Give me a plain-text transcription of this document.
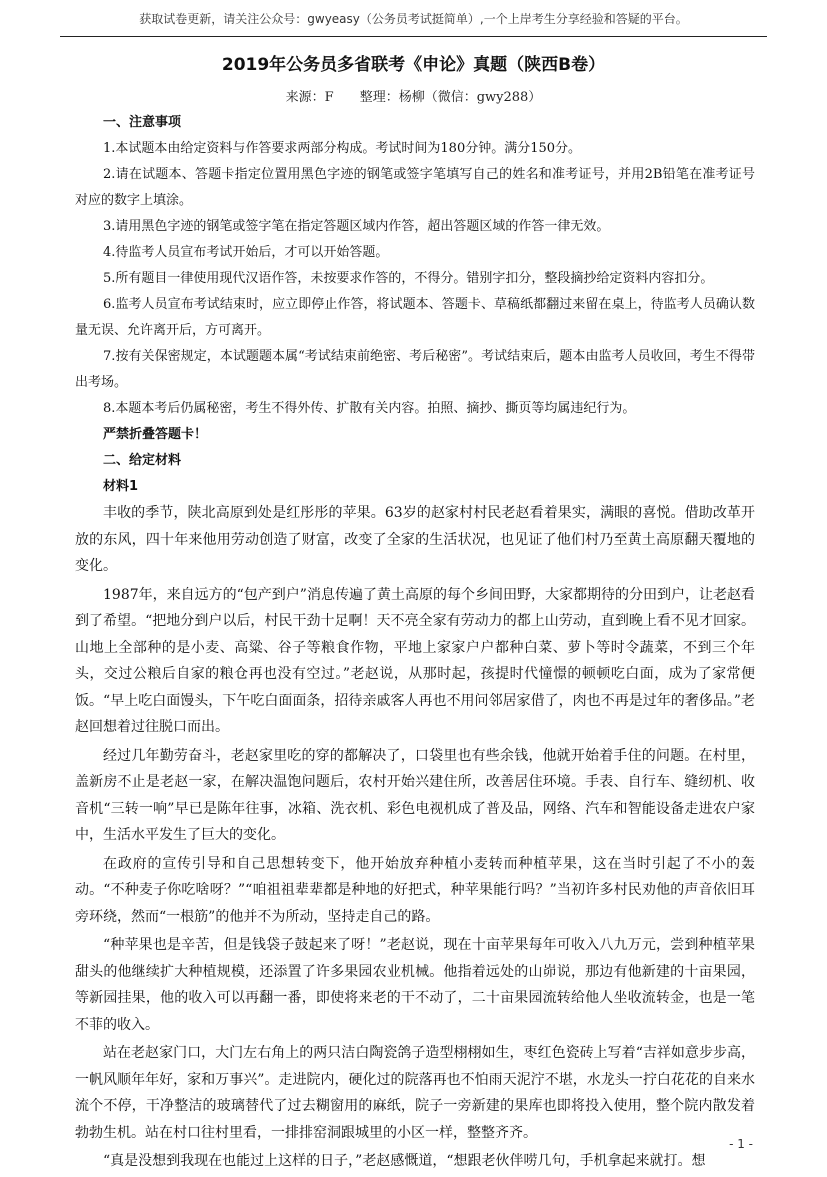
获取试卷更新，请关注公众号：gwyeasy（公务员考试挺简单）,一个上岸考生分享经验和答疑的平台。
2019年公务员多省联考《申论》真题（陕西B卷）
来源：F　　整理：杨柳（微信：gwy288）

一、注意事项

1.本试题本由给定资料与作答要求两部分构成。考试时间为180分钟。满分150分。

2.请在试题本、答题卡指定位置用黑色字迹的钢笔或签字笔填写自己的姓名和准考证号，并用2B铅笔在准考证号对应的数字上填涂。

3.请用黑色字迹的钢笔或签字笔在指定答题区域内作答，超出答题区域的作答一律无效。

4.待监考人员宣布考试开始后，才可以开始答题。

5.所有题目一律使用现代汉语作答，未按要求作答的，不得分。错别字扣分，整段摘抄给定资料内容扣分。

6.监考人员宣布考试结束时，应立即停止作答，将试题本、答题卡、草稿纸都翻过来留在桌上，待监考人员确认数量无误、允许离开后，方可离开。

7.按有关保密规定，本试题题本属“考试结束前绝密、考后秘密”。考试结束后，题本由监考人员收回，考生不得带出考场。

8.本题本考后仍属秘密，考生不得外传、扩散有关内容。拍照、摘抄、撕页等均属违纪行为。

严禁折叠答题卡！

二、给定材料

材料1

丰收的季节，陕北高原到处是红彤彤的苹果。63岁的赵家村村民老赵看着果实，满眼的喜悦。借助改革开放的东风，四十年来他用劳动创造了财富，改变了全家的生活状况，也见证了他们村乃至黄土高原翻天覆地的变化。

1987年，来自远方的“包产到户”消息传遍了黄土高原的每个乡间田野，大家都期待的分田到户，让老赵看到了希望。“把地分到户以后，村民干劲十足啊！天不亮全家有劳动力的都上山劳动，直到晚上看不见才回家。山地上全部种的是小麦、高粱、谷子等粮食作物，平地上家家户户都种白菜、萝卜等时令蔬菜，不到三个年头，交过公粮后自家的粮仓再也没有空过。”老赵说，从那时起，孩提时代憧憬的顿顿吃白面，成为了家常便饭。“早上吃白面馒头，下午吃白面面条，招待亲戚客人再也不用问邻居家借了，肉也不再是过年的奢侈品。”老赵回想着过往脱口而出。

经过几年勤劳奋斗，老赵家里吃的穿的都解决了，口袋里也有些余钱，他就开始着手住的问题。在村里，盖新房不止是老赵一家，在解决温饱问题后，农村开始兴建住所，改善居住环境。手表、自行车、缝纫机、收音机“三转一响”早已是陈年往事，冰箱、洗衣机、彩色电视机成了普及品，网络、汽车和智能设备走进农户家中，生活水平发生了巨大的变化。

在政府的宣传引导和自己思想转变下，他开始放弃种植小麦转而种植苹果，这在当时引起了不小的轰动。“不种麦子你吃啥呀？”“咱祖祖辈辈都是种地的好把式，种苹果能行吗？”当初许多村民劝他的声音依旧耳旁环绕，然而“一根筋”的他并不为所动，坚持走自己的路。

“种苹果也是辛苦，但是钱袋子鼓起来了呀！”老赵说，现在十亩苹果每年可收入八九万元，尝到种植苹果甜头的他继续扩大种植规模，还添置了许多果园农业机械。他指着远处的山峁说，那边有他新建的十亩果园，等新园挂果，他的收入可以再翻一番，即使将来老的干不动了，二十亩果园流转给他人坐收流转金，也是一笔不菲的收入。

站在老赵家门口，大门左右角上的两只洁白陶瓷鸽子造型栩栩如生，枣红色瓷砖上写着“吉祥如意步步高，一帆风顺年年好，家和万事兴”。走进院内，硬化过的院落再也不怕雨天泥泞不堪，水龙头一拧白花花的自来水流个不停，干净整洁的玻璃替代了过去糊窗用的麻纸，院子一旁新建的果库也即将投入使用，整个院内散发着勃勃生机。站在村口往村里看，一排排窑洞跟城里的小区一样，整整齐齐。

“真是没想到我现在也能过上这样的日子，”老赵感慨道，“想跟老伙伴唠几句，手机拿起来就打。想

- 1 -
